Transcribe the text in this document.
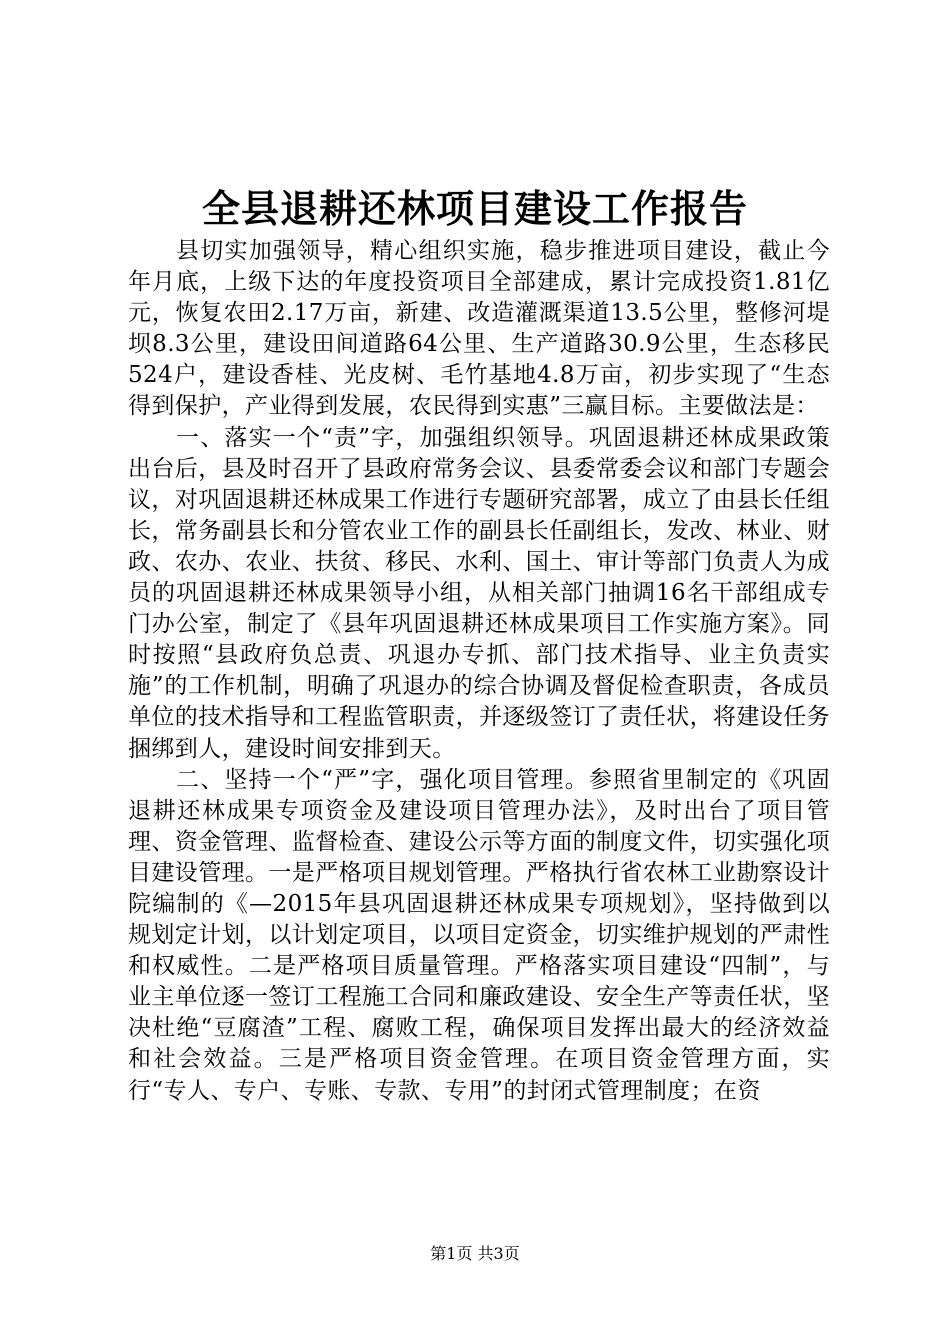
全县退耕还林项目建设工作报告

县切实加强领导，精心组织实施，稳步推进项目建设，截止今年月底，上级下达的年度投资项目全部建成，累计完成投资1.81亿元，恢复农田2.17万亩，新建、改造灌溉渠道13.5公里，整修河堤坝8.3公里，建设田间道路64公里、生产道路30.9公里，生态移民524户，建设香桂、光皮树、毛竹基地4.8万亩，初步实现了“生态得到保护，产业得到发展，农民得到实惠”三赢目标。主要做法是：

一、落实一个“责”字，加强组织领导。巩固退耕还林成果政策出台后，县及时召开了县政府常务会议、县委常委会议和部门专题会议，对巩固退耕还林成果工作进行专题研究部署，成立了由县长任组长，常务副县长和分管农业工作的副县长任副组长，发改、林业、财政、农办、农业、扶贫、移民、水利、国土、审计等部门负责人为成员的巩固退耕还林成果领导小组，从相关部门抽调16名干部组成专门办公室，制定了《县年巩固退耕还林成果项目工作实施方案》。同时按照“县政府负总责、巩退办专抓、部门技术指导、业主负责实施”的工作机制，明确了巩退办的综合协调及督促检查职责，各成员单位的技术指导和工程监管职责，并逐级签订了责任状，将建设任务捆绑到人，建设时间安排到天。

二、坚持一个“严”字，强化项目管理。参照省里制定的《巩固退耕还林成果专项资金及建设项目管理办法》，及时出台了项目管理、资金管理、监督检查、建设公示等方面的制度文件，切实强化项目建设管理。一是严格项目规划管理。严格执行省农林工业勘察设计院编制的《—2015年县巩固退耕还林成果专项规划》，坚持做到以规划定计划，以计划定项目，以项目定资金，切实维护规划的严肃性和权威性。二是严格项目质量管理。严格落实项目建设“四制”，与业主单位逐一签订工程施工合同和廉政建设、安全生产等责任状，坚决杜绝“豆腐渣”工程、腐败工程，确保项目发挥出最大的经济效益和社会效益。三是严格项目资金管理。在项目资金管理方面，实行“专人、专户、专账、专款、专用”的封闭式管理制度；在资

第1页 共3页
